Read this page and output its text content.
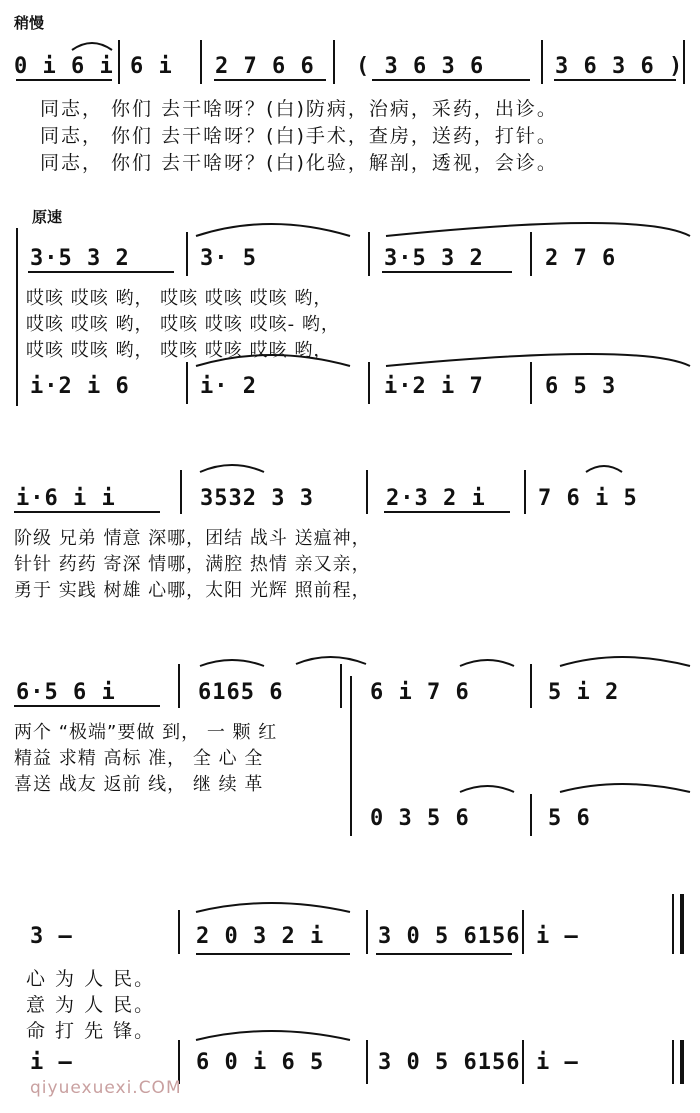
稍慢
原速
0 i 6 i 6 i 2 7 6 6 ( 3 6 3 6	3 6 3 6 )
同志， 你们 去干啥呀？(白)防病，治病，采药，出诊。
同志， 你们 去干啥呀？(白)手术，查房，送药，打针。
同志， 你们 去干啥呀？(白)化验，解剖，透视，会诊。
3·5 3 2	3· 5	3·5 3 2	2 7 6
哎咳 哎咳 哟， 哎咳 哎咳 哎咳 哟，
哎咳 哎咳 哟， 哎咳 哎咳 哎咳- 哟，
哎咳 哎咳 哟， 哎咳 哎咳 哎咳 哟，
i·2 i 6	i· 2	i·2 i 7	6 5 3
i·6 i i	3532 3 3	2·3 2 i 7 6 i 5
阶级 兄弟 情意 深哪，团结 战斗 送瘟神，
针针 药药 寄深 情哪，满腔 热情 亲又亲，
勇于 实践 树雄 心哪，太阳 光辉 照前程，
6·5 6 i	6165 6	6 i 7 6	5 i 2
两个 “极端”要做 到， 一 颗 红
精益 求精 高标 准， 全 心 全
喜送 战友 返前 线， 继 续 革
0 3 5 6	5 6
3 —	2 0 3 2 i 3 0 5 6156 i —
心 为 人 民。
意 为 人 民。
命 打 先 锋。
i —	6 0 i 6 5 3 0 5 6156 i —
qiyuexuexi.COM
